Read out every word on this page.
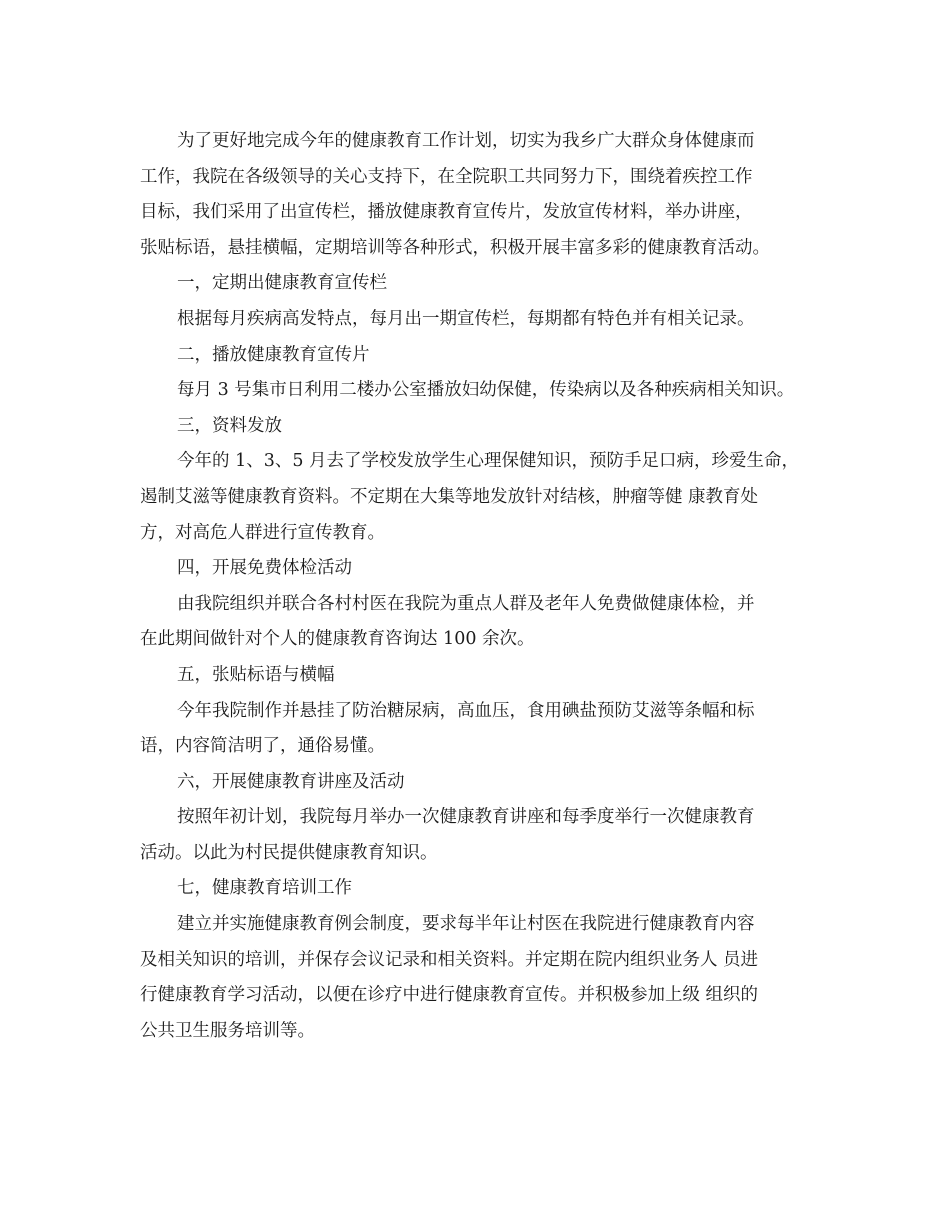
为了更好地完成今年的健康教育工作计划，切实为我乡广大群众身体健康而
工作，我院在各级领导的关心支持下，在全院职工共同努力下，围绕着疾控工作
目标，我们采用了出宣传栏，播放健康教育宣传片，发放宣传材料，举办讲座，
张贴标语，悬挂横幅，定期培训等各种形式，积极开展丰富多彩的健康教育活动。
一，定期出健康教育宣传栏
根据每月疾病高发特点，每月出一期宣传栏，每期都有特色并有相关记录。
二，播放健康教育宣传片
每月 3 号集市日利用二楼办公室播放妇幼保健，传染病以及各种疾病相关知识。
三，资料发放
今年的 1、3、5 月去了学校发放学生心理保健知识，预防手足口病，珍爱生命，
遏制艾滋等健康教育资料。不定期在大集等地发放针对结核，肿瘤等健 康教育处
方，对高危人群进行宣传教育。
四，开展免费体检活动
由我院组织并联合各村村医在我院为重点人群及老年人免费做健康体检，并
在此期间做针对个人的健康教育咨询达 100 余次。
五，张贴标语与横幅
今年我院制作并悬挂了防治糖尿病，高血压，食用碘盐预防艾滋等条幅和标
语，内容简洁明了，通俗易懂。
六，开展健康教育讲座及活动
按照年初计划，我院每月举办一次健康教育讲座和每季度举行一次健康教育
活动。以此为村民提供健康教育知识。
七，健康教育培训工作
建立并实施健康教育例会制度，要求每半年让村医在我院进行健康教育内容
及相关知识的培训，并保存会议记录和相关资料。并定期在院内组织业务人 员进
行健康教育学习活动，以便在诊疗中进行健康教育宣传。并积极参加上级 组织的
公共卫生服务培训等。
